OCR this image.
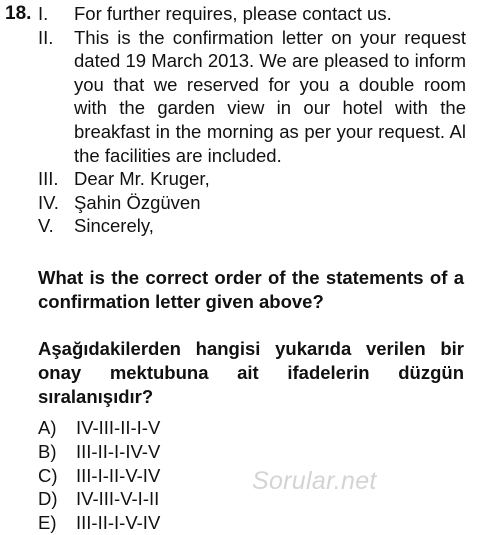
18. I.	For further requires, please contact us.
II.	This is the confirmation letter on your request dated 19 March 2013. We are pleased to inform you that we reserved for you a double room with the garden view in our hotel with the breakfast in the morning as per your request. Al the facilities are included.
III. Dear Mr. Kruger,
IV. Şahin Özgüven
V.	Sincerely,
What is the correct order of the statements of a confirmation letter given above?
Aşağıdakilerden hangisi yukarıda verilen bir onay mektubuna ait ifadelerin düzgün sıralanışıdır?
A)	IV-III-II-I-V
B)	III-II-I-IV-V
C) III-I-II-V-IV
D) IV-III-V-I-II
E)	III-II-I-V-IV
Sorular.net
